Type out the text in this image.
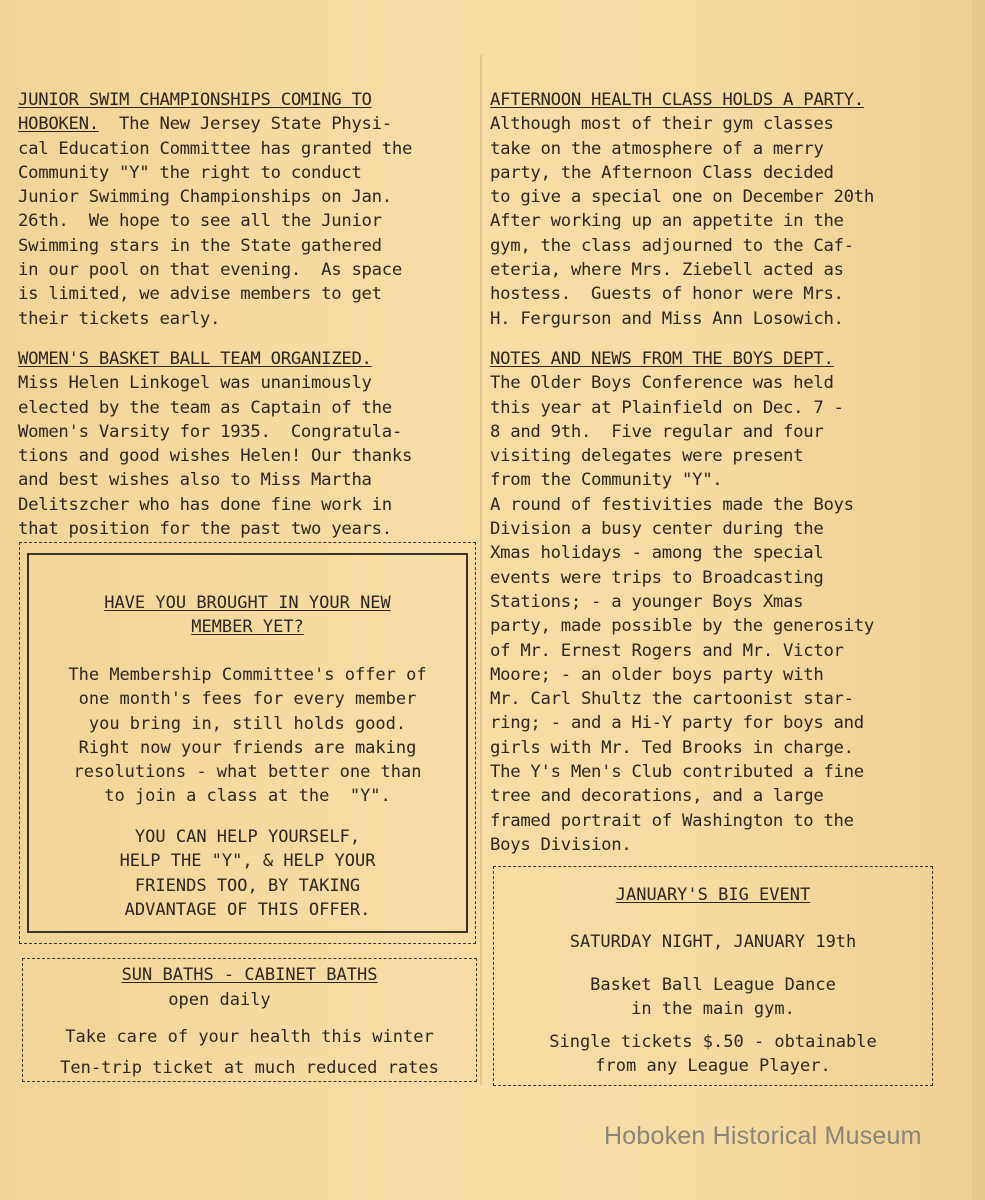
JUNIOR SWIM CHAMPIONSHIPS COMING TO
HOBOKEN.  The New Jersey State Physi-
cal Education Committee has granted the
Community "Y" the right to conduct
Junior Swimming Championships on Jan.
26th.  We hope to see all the Junior
Swimming stars in the State gathered
in our pool on that evening.  As space
is limited, we advise members to get
their tickets early.

WOMEN'S BASKET BALL TEAM ORGANIZED.

Miss Helen Linkogel was unanimously
elected by the team as Captain of the
Women's Varsity for 1935.  Congratula-
tions and good wishes Helen! Our thanks
and best wishes also to Miss Martha
Delitszcher who has done fine work in
that position for the past two years.

AFTERNOON HEALTH CLASS HOLDS A PARTY.

Although most of their gym classes
take on the atmosphere of a merry
party, the Afternoon Class decided
to give a special one on December 20th
After working up an appetite in the
gym, the class adjourned to the Caf-
eteria, where Mrs. Ziebell acted as
hostess.  Guests of honor were Mrs.
H. Fergurson and Miss Ann Losowich.

NOTES AND NEWS FROM THE BOYS DEPT.

The Older Boys Conference was held
this year at Plainfield on Dec. 7 -
8 and 9th.  Five regular and four
visiting delegates were present
from the Community "Y".
A round of festivities made the Boys
Division a busy center during the
Xmas holidays - among the special
events were trips to Broadcasting
Stations; - a younger Boys Xmas
party, made possible by the generosity
of Mr. Ernest Rogers and Mr. Victor
Moore; - an older boys party with
Mr. Carl Shultz the cartoonist star-
ring; - and a Hi-Y party for boys and
girls with Mr. Ted Brooks in charge.
The Y's Men's Club contributed a fine
tree and decorations, and a large
framed portrait of Washington to the
Boys Division.

HAVE YOU BROUGHT IN YOUR NEW
MEMBER YET?

The Membership Committee's offer of
one month's fees for every member
you bring in, still holds good.
Right now your friends are making
resolutions - what better one than
to join a class at the  "Y".

YOU CAN HELP YOURSELF,
HELP THE "Y", & HELP YOUR
FRIENDS TOO, BY TAKING
ADVANTAGE OF THIS OFFER.

SUN BATHS - CABINET BATHS

open daily

Take care of your health this winter

Ten-trip ticket at much reduced rates

JANUARY'S BIG EVENT

SATURDAY NIGHT, JANUARY 19th

Basket Ball League Dance
in the main gym.

Single tickets $.50 - obtainable
from any League Player.

Hoboken Historical Museum
